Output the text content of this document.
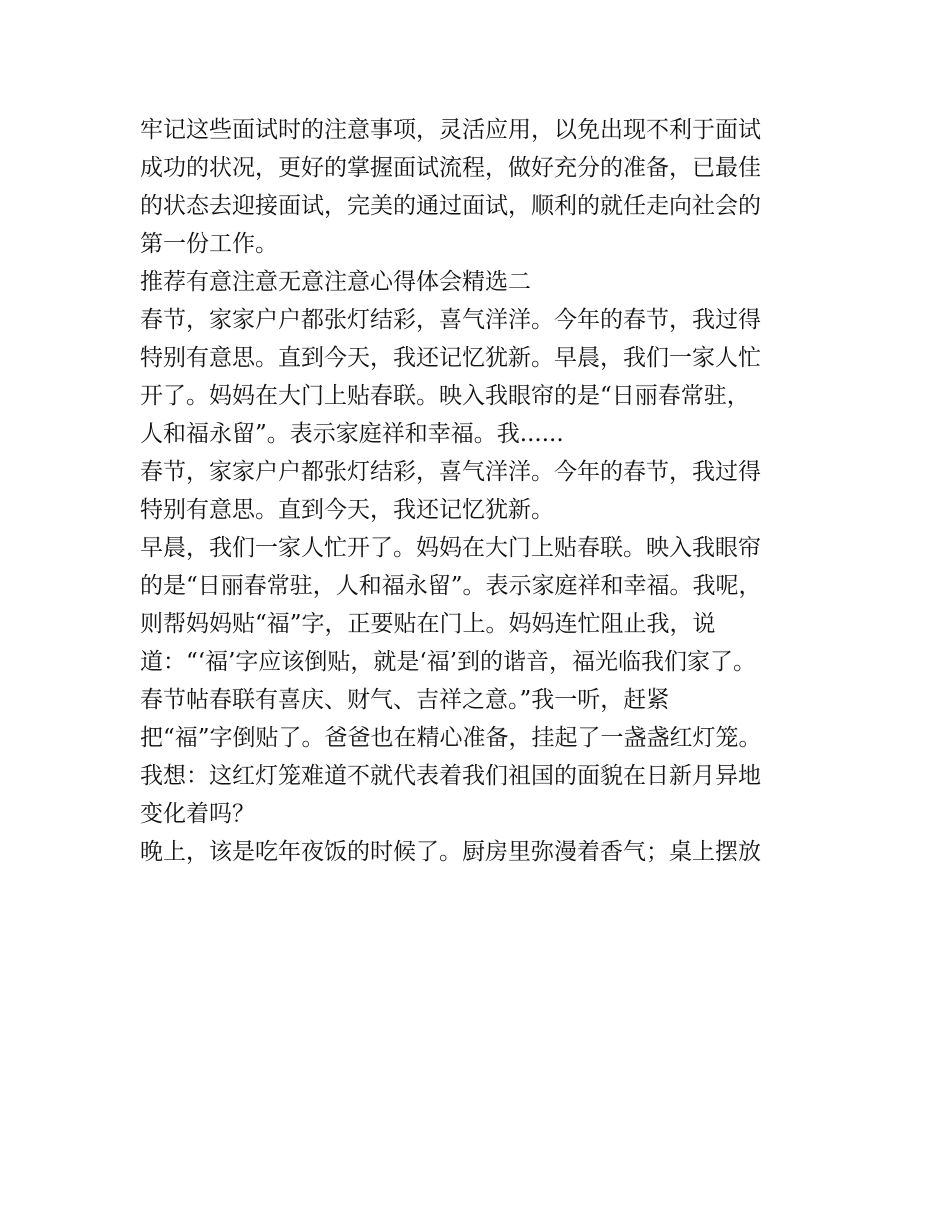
牢记这些面试时的注意事项，灵活应用，以免出现不利于面试

成功的状况，更好的掌握面试流程，做好充分的准备，已最佳

的状态去迎接面试，完美的通过面试，顺利的就任走向社会的

第一份工作。

推荐有意注意无意注意心得体会精选二

春节，家家户户都张灯结彩，喜气洋洋。今年的春节，我过得

特别有意思。直到今天，我还记忆犹新。早晨，我们一家人忙

开了。妈妈在大门上贴春联。映入我眼帘的是“日丽春常驻，

人和福永留”。表示家庭祥和幸福。我......

春节，家家户户都张灯结彩，喜气洋洋。今年的春节，我过得

特别有意思。直到今天，我还记忆犹新。

早晨，我们一家人忙开了。妈妈在大门上贴春联。映入我眼帘

的是“日丽春常驻，人和福永留”。表示家庭祥和幸福。我呢，

则帮妈妈贴“福”字，正要贴在门上。妈妈连忙阻止我，说

道：“‘福’字应该倒贴，就是‘福’到的谐音，福光临我们家了。

春节帖春联有喜庆、财气、吉祥之意。”我一听，赶紧

把“福”字倒贴了。爸爸也在精心准备，挂起了一盏盏红灯笼。

我想：这红灯笼难道不就代表着我们祖国的面貌在日新月异地

变化着吗？

晚上，该是吃年夜饭的时候了。厨房里弥漫着香气；桌上摆放
